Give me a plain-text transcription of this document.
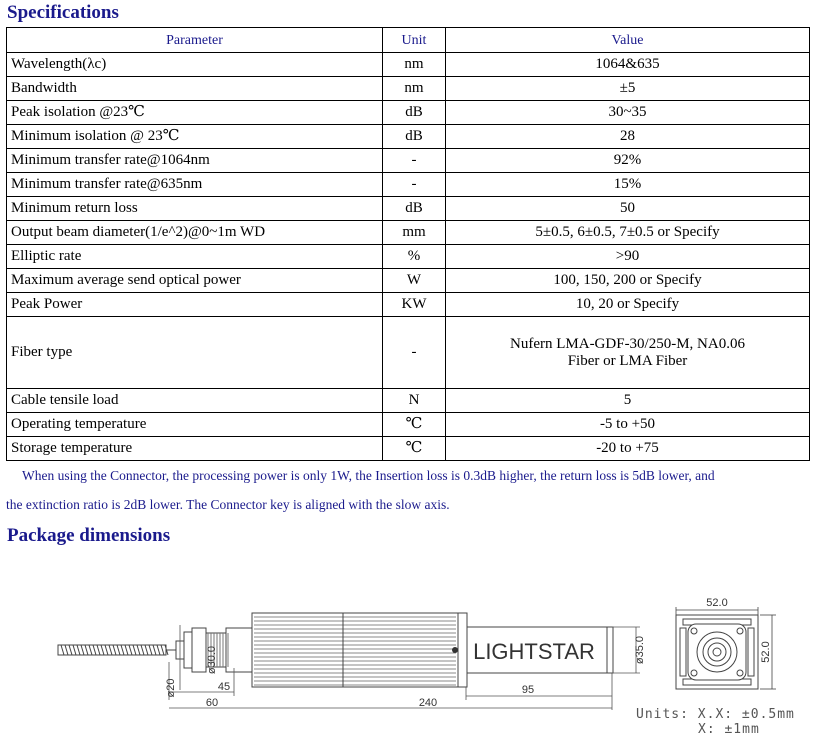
Specifications
Parameter	Unit	Value
Wavelength(λc)	nm	1064&635
Bandwidth	nm	±5
Peak isolation @23℃	dB	30~35
Minimum isolation @ 23℃	dB	28
Minimum transfer rate@1064nm	-	92%
Minimum transfer rate@635nm	-	15%
Minimum return loss	dB	50
Output beam diameter(1/e^2)@0~1m WD	mm	5±0.5, 6±0.5, 7±0.5 or Specify
Elliptic rate	%	>90
Maximum average send optical power	W	100, 150, 200 or Specify
Peak Power	KW	10, 20 or Specify
Fiber type	-	Nufern LMA-GDF-30/250-M, NA0.06
Fiber or LMA Fiber

Cable tensile load	N	5
Operating temperature	℃	-5 to +50
Storage temperature	℃	-20 to +75
When using the Connector, the processing power is only 1W, the Insertion loss is 0.3dB higher, the return loss is 5dB lower, and
the extinction ratio is 2dB lower. The Connector key is aligned with the slow axis.
Package dimensions
LIGHTSTAR
ø30.0
ø20
ø35.0
45
60	240
95
52.0
52.0
Units: X.X: ±0.5mm
X: ±1mm
